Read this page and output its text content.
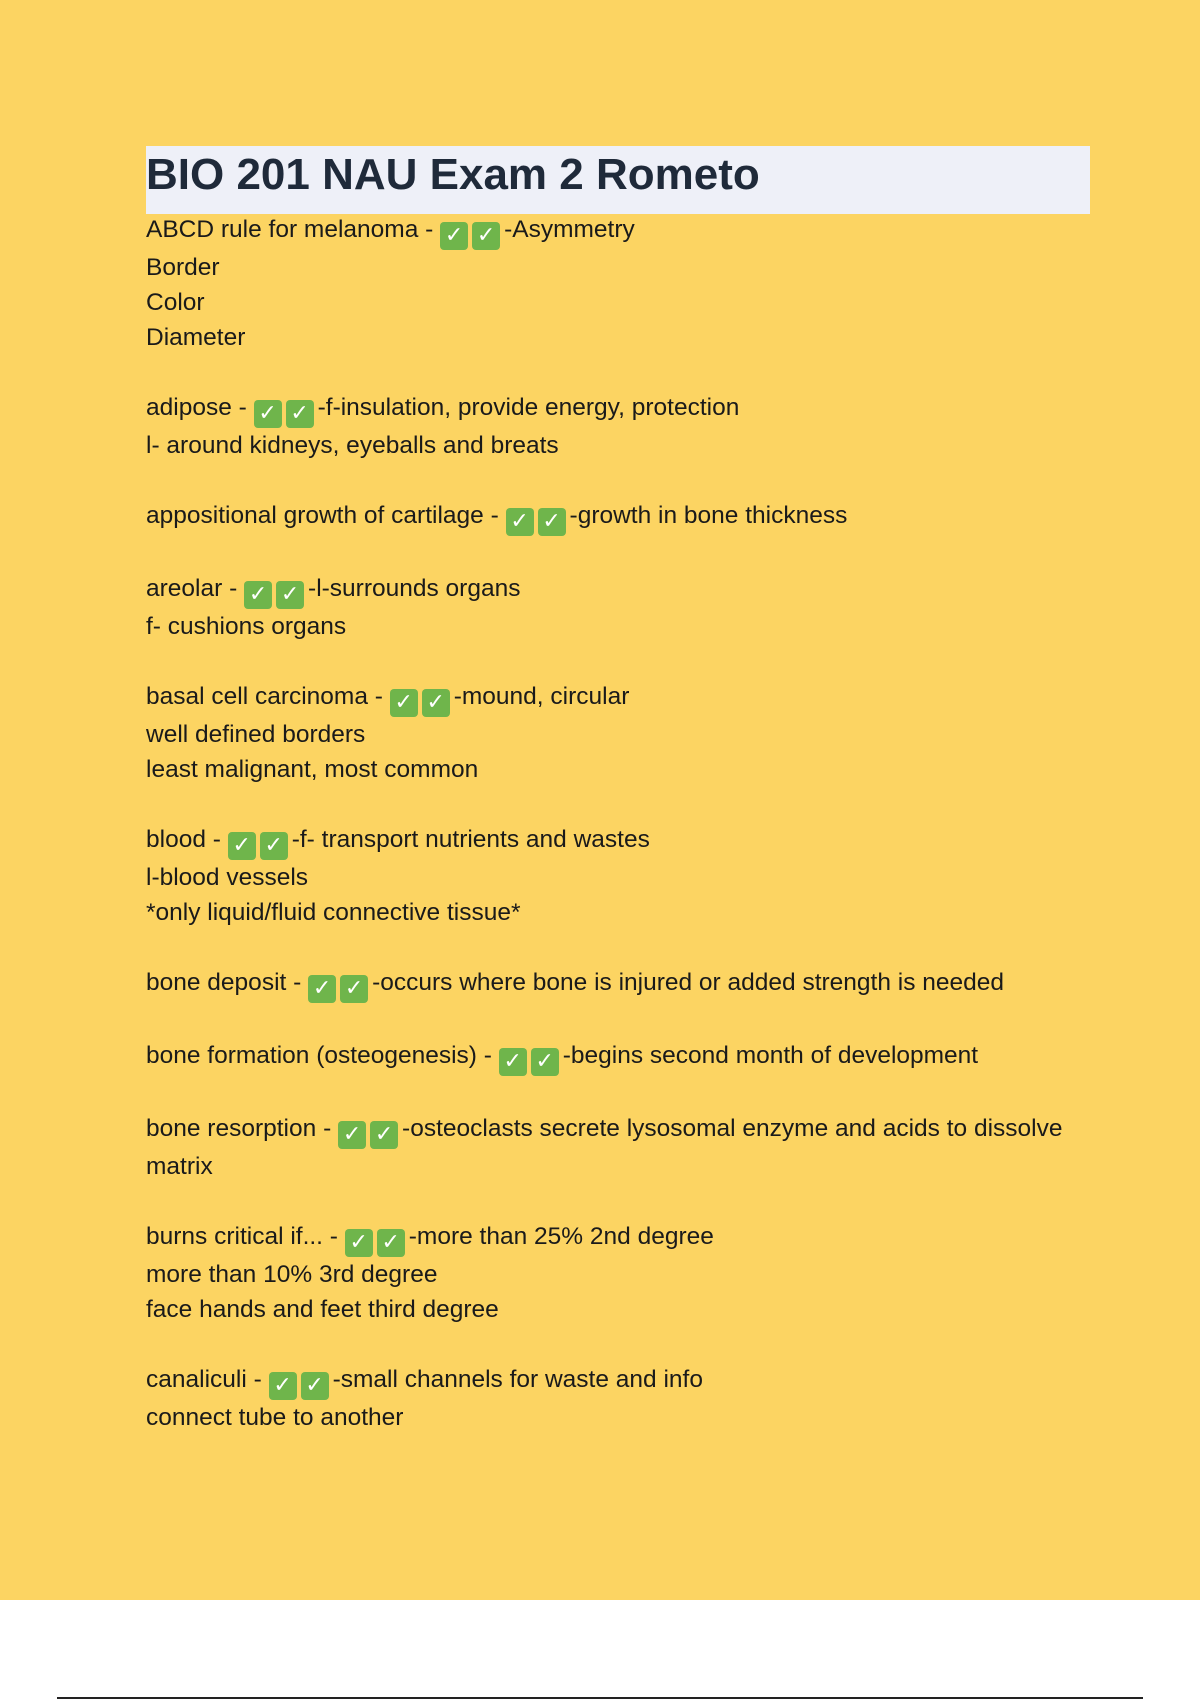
BIO 201 NAU Exam 2 Rometo
ABCD rule for melanoma - ✓ ✓ -Asymmetry
Border
Color
Diameter
adipose - ✓ ✓ -f-insulation, provide energy, protection
l- around kidneys, eyeballs and breats
appositional growth of cartilage - ✓ ✓ -growth in bone thickness
areolar - ✓ ✓ -l-surrounds organs
f- cushions organs
basal cell carcinoma - ✓ ✓ -mound, circular
well defined borders
least malignant, most common
blood - ✓ ✓ -f- transport nutrients and wastes
l-blood vessels
*only liquid/fluid connective tissue*
bone deposit - ✓ ✓ -occurs where bone is injured or added strength is needed
bone formation (osteogenesis) - ✓ ✓ -begins second month of development
bone resorption - ✓ ✓ -osteoclasts secrete lysosomal enzyme and acids to dissolve matrix
burns critical if... - ✓ ✓ -more than 25% 2nd degree
more than 10% 3rd degree
face hands and feet third degree
canaliculi - ✓ ✓ -small channels for waste and info
connect tube to another
